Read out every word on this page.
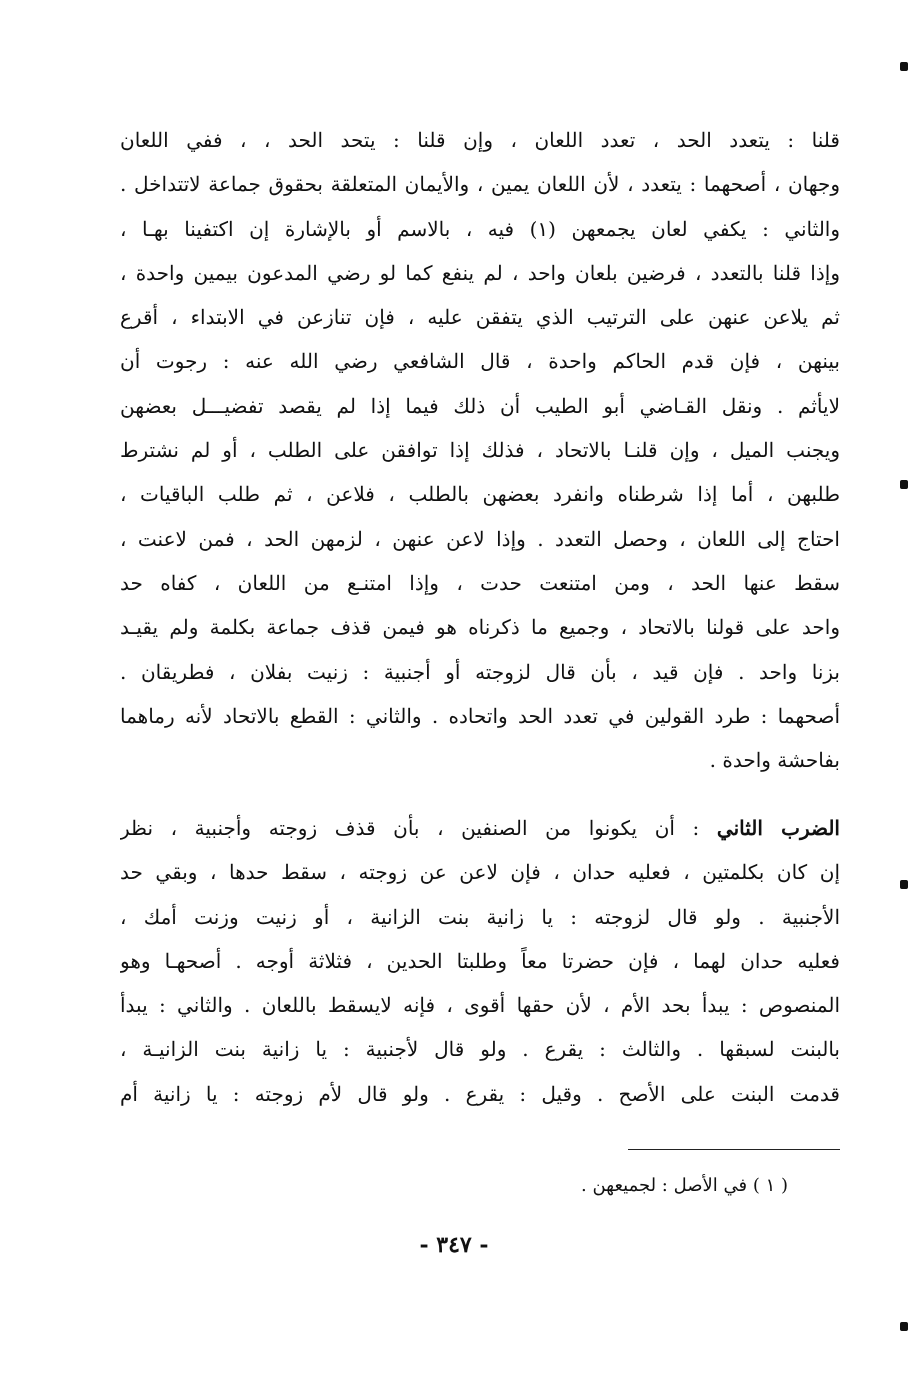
قلنا : يتعدد الحد ، تعدد اللعان ، وإن قلنا : يتحد الحد ، ، ففي اللعان
وجهان ، أصحهما : يتعدد ، لأن اللعان يمين ، والأيمان المتعلقة بحقوق جماعة لاتتداخل .
والثاني : يكفي لعان يجمعهن (١) فيه ، بالاسم أو بالإشارة إن اكتفينا بهـا ،
وإذا قلنا بالتعدد ، فرضين بلعان واحد ، لم ينفع كما لو رضي المدعون بيمين واحدة ،
ثم يلاعن عنهن على الترتيب الذي يتفقن عليه ، فإن تنازعن في الابتداء ، أقرع
بينهن ، فإن قدم الحاكم واحدة ، قال الشافعي رضي الله عنه : رجوت أن
لايأثم . ونقل القـاضي أبو الطيب أن ذلك فيما إذا لم يقصد تفضيـــل بعضهن
ويجنب الميل ، وإن قلنـا بالاتحاد ، فذلك إذا توافقن على الطلب ، أو لم نشترط
طلبهن ، أما إذا شرطناه وانفرد بعضهن بالطلب ، فلاعن ، ثم طلب الباقيات ،
احتاج إلى اللعان ، وحصل التعدد . وإذا لاعن عنهن ، لزمهن الحد ، فمن لاعنت ،
سقط عنها الحد ، ومن امتنعت حدت ، وإذا امتنـع من اللعان ، كفاه حد
واحد على قولنا بالاتحاد ، وجميع ما ذكرناه هو فيمن قذف جماعة بكلمة ولم يقيـد
بزنا واحد . فإن قيد ، بأن قال لزوجته أو أجنبية : زنيت بفلان ، فطريقان .
أصحهما : طرد القولين في تعدد الحد واتحاده . والثاني : القطع بالاتحاد لأنه رماهما
بفاحشة واحدة .
الضرب الثاني : أن يكونوا من الصنفين ، بأن قذف زوجته وأجنبية ، نظر
إن كان بكلمتين ، فعليه حدان ، فإن لاعن عن زوجته ، سقط حدها ، وبقي حد
الأجنبية . ولو قال لزوجته : يا زانية بنت الزانية ، أو زنيت وزنت أمك ،
فعليه حدان لهما ، فإن حضرتا معاً وطلبتا الحدين ، فثلاثة أوجه . أصحهـا وهو
المنصوص : يبدأ بحد الأم ، لأن حقها أقوى ، فإنه لايسقط باللعان . والثاني : يبدأ
بالبنت لسبقها . والثالث : يقرع . ولو قال لأجنبية : يا زانية بنت الزانيـة ،
قدمت البنت على الأصح . وقيل : يقرع . ولو قال لأم زوجته : يا زانية أم
( ١ ) في الأصل : لجميعهن .
- ٣٤٧ -
